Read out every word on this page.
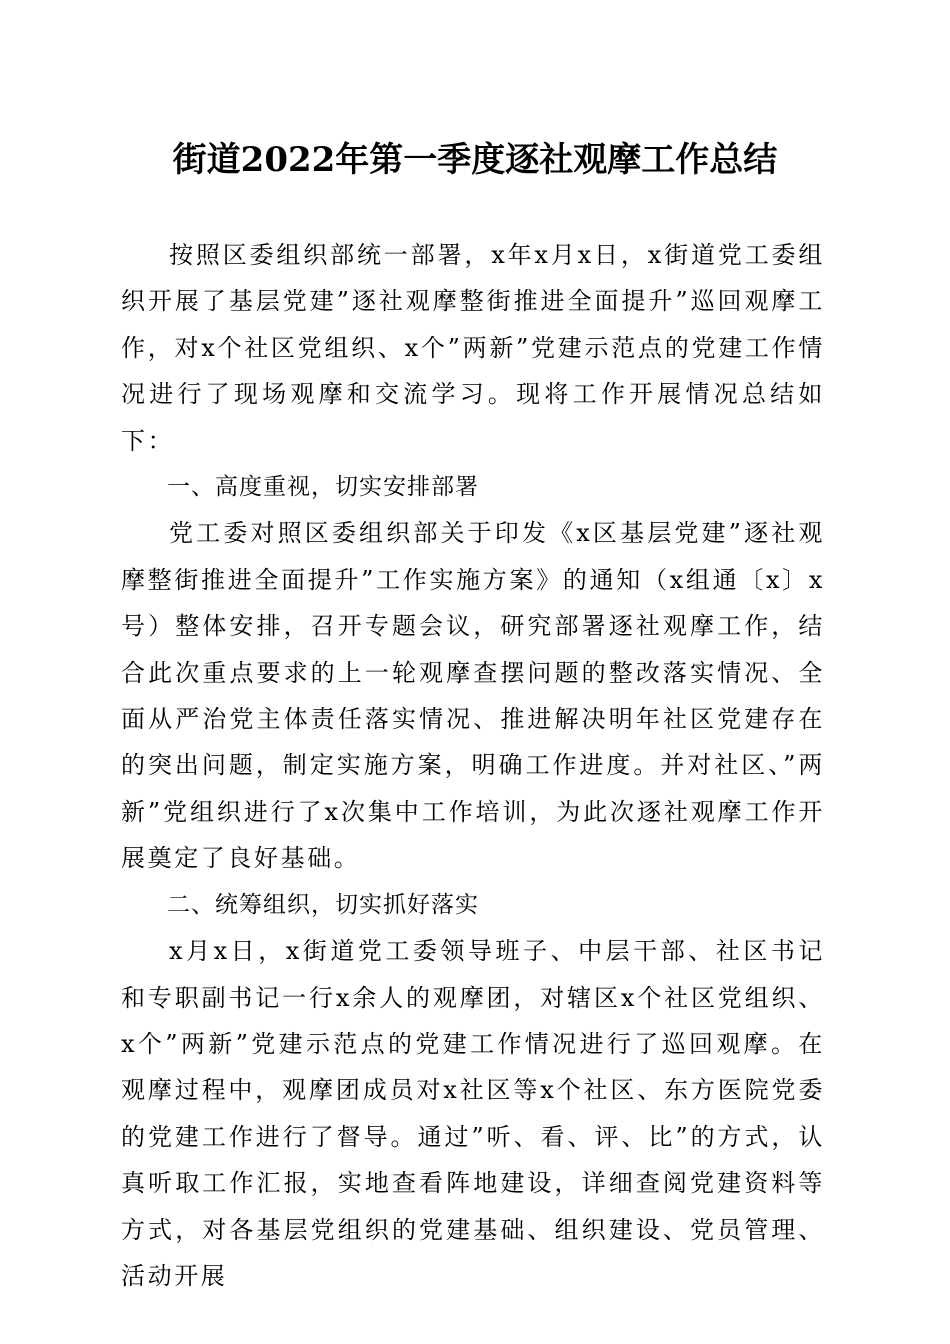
街道2022年第一季度逐社观摩工作总结

按照区委组织部统一部署，x年x月x日，x街道党工委组织开展了基层党建”逐社观摩整街推进全面提升”巡回观摩工作，对x个社区党组织、x个”两新”党建示范点的党建工作情况进行了现场观摩和交流学习。现将工作开展情况总结如下：

一、高度重视，切实安排部署

党工委对照区委组织部关于印发《x区基层党建”逐社观摩整街推进全面提升”工作实施方案》的通知（x组通〔x〕x号）整体安排，召开专题会议，研究部署逐社观摩工作，结合此次重点要求的上一轮观摩查摆问题的整改落实情况、全面从严治党主体责任落实情况、推进解决明年社区党建存在的突出问题，制定实施方案，明确工作进度。并对社区、”两新”党组织进行了x次集中工作培训，为此次逐社观摩工作开展奠定了良好基础。

二、统筹组织，切实抓好落实

x月x日，x街道党工委领导班子、中层干部、社区书记和专职副书记一行x余人的观摩团，对辖区x个社区党组织、x个”两新”党建示范点的党建工作情况进行了巡回观摩。在观摩过程中，观摩团成员对x社区等x个社区、东方医院党委的党建工作进行了督导。通过”听、看、评、比”的方式，认真听取工作汇报，实地查看阵地建设，详细查阅党建资料等方式，对各基层党组织的党建基础、组织建设、党员管理、活动开展
